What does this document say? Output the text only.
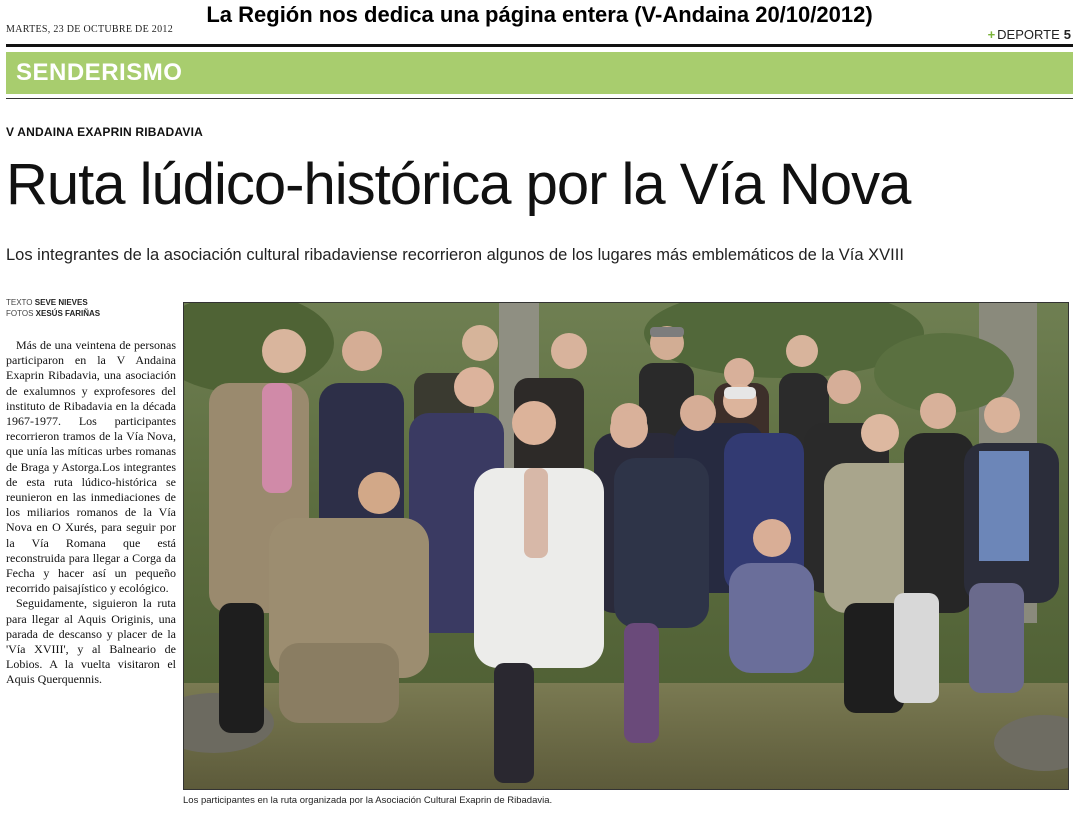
La Región nos dedica una página entera (V-Andaina 20/10/2012)
MARTES, 23 DE OCTUBRE DE 2012	+ DEPORTE 5
SENDERISMO
V ANDAINA EXAPRIN RIBADAVIA
Ruta lúdico-histórica por la Vía Nova
Los integrantes de la asociación cultural ribadaviense recorrieron algunos de los lugares más emblemáticos de la Vía XVIII
TEXTO SEVE NIEVES
FOTOS XESÚS FARIÑAS

Más de una veintena de personas participaron en la V Andaina Exaprin Ribadavia, una asociación de exalumnos y exprofesores del instituto de Ribadavia en la década 1967-1977. Los participantes recorrieron tramos de la Vía Nova, que unía las míticas urbes romanas de Braga y Astorga.Los integrantes de esta ruta lúdico-histórica se reunieron en las inmediaciones de los miliarios romanos de la Vía Nova en O Xurés, para seguir por la Vía Romana que está reconstruida para llegar a Corga da Fecha y hacer así un pequeño recorrido paisajístico y ecológico.

Seguidamente, siguieron la ruta para llegar al Aquis Originis, una parada de descanso y placer de la 'Vía XVIII', y al Balneario de Lobios. A la vuelta visitaron el Aquis Querquennis.

Los participantes en la ruta organizada por la Asociación Cultural Exaprin de Ribadavia.
